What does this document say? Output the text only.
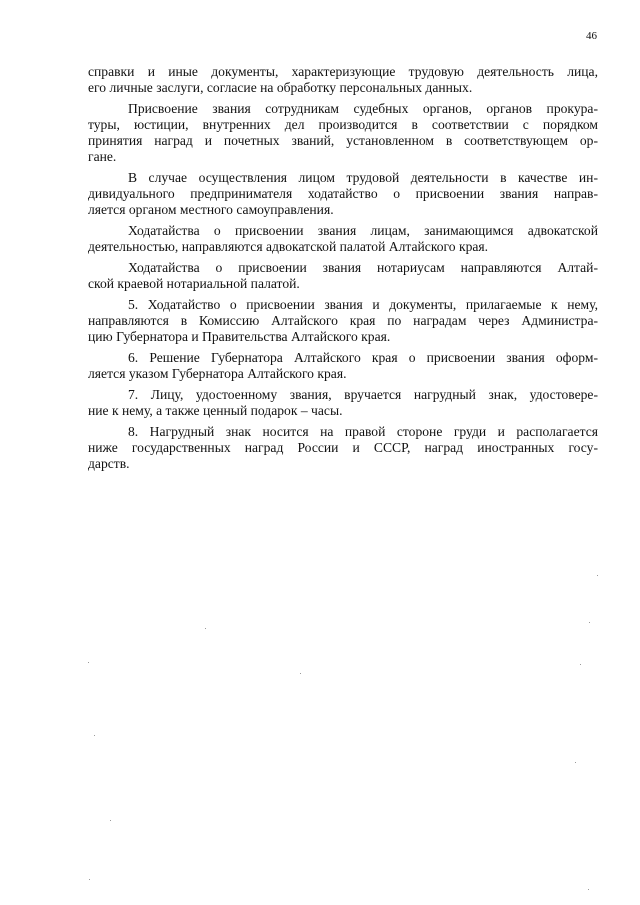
46
справки и иные документы, характеризующие трудовую деятельность лица,
его личные заслуги, согласие на обработку персональных данных.
Присвоение звания сотрудникам судебных органов, органов прокура-
туры, юстиции, внутренних дел производится в соответствии с порядком
принятия наград и почетных званий, установленном в соответствующем ор-
гане.
В случае осуществления лицом трудовой деятельности в качестве ин-
дивидуального предпринимателя ходатайство о присвоении звания направ-
ляется органом местного самоуправления.
Ходатайства о присвоении звания лицам, занимающимся адвокатской
деятельностью, направляются адвокатской палатой Алтайского края.
Ходатайства о присвоении звания нотариусам направляются Алтай-
ской краевой нотариальной палатой.
5. Ходатайство о присвоении звания и документы, прилагаемые к нему,
направляются в Комиссию Алтайского края по наградам через Администра-
цию Губернатора и Правительства Алтайского края.
6. Решение Губернатора Алтайского края о присвоении звания оформ-
ляется указом Губернатора Алтайского края.
7. Лицу, удостоенному звания, вручается нагрудный знак, удостовере-
ние к нему, а также ценный подарок – часы.
8. Нагрудный знак носится на правой стороне груди и располагается
ниже государственных наград России и СССР, наград иностранных госу-
дарств.
